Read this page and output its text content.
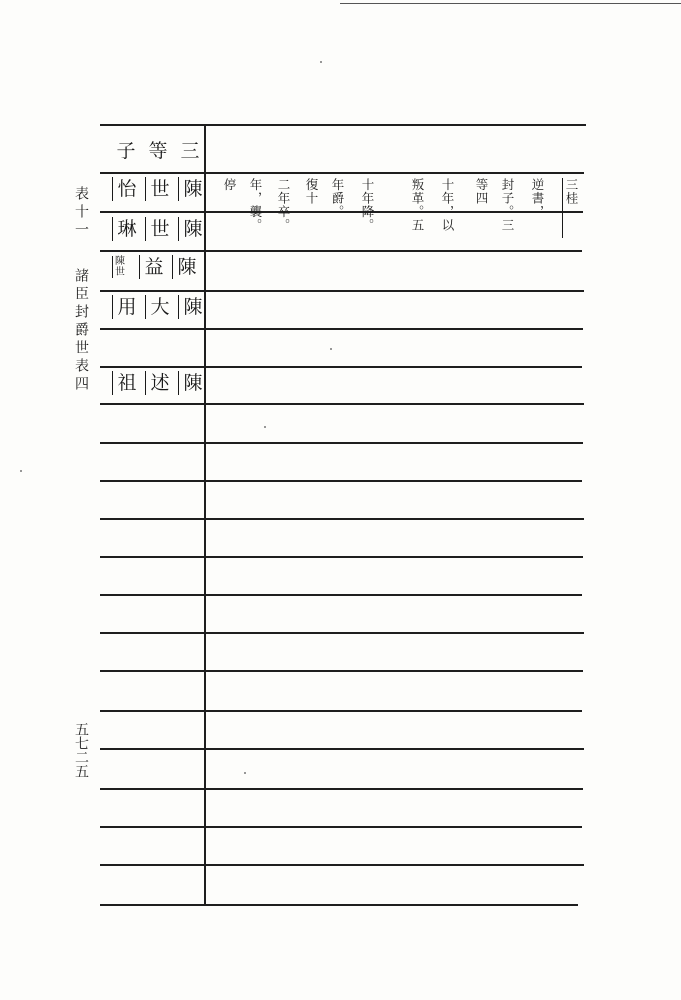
表十一
諸臣封爵世表四
五七二五
子 等 三
怡 世 陳
琳 世 陳
陳
世	益 陳
用 大 陳
祖 述 陳
三桂
逆書，
封子。三
等四
十年，以
叛革。五
十年降。
年爵。
復十
二年卒。
年，襲。
停
